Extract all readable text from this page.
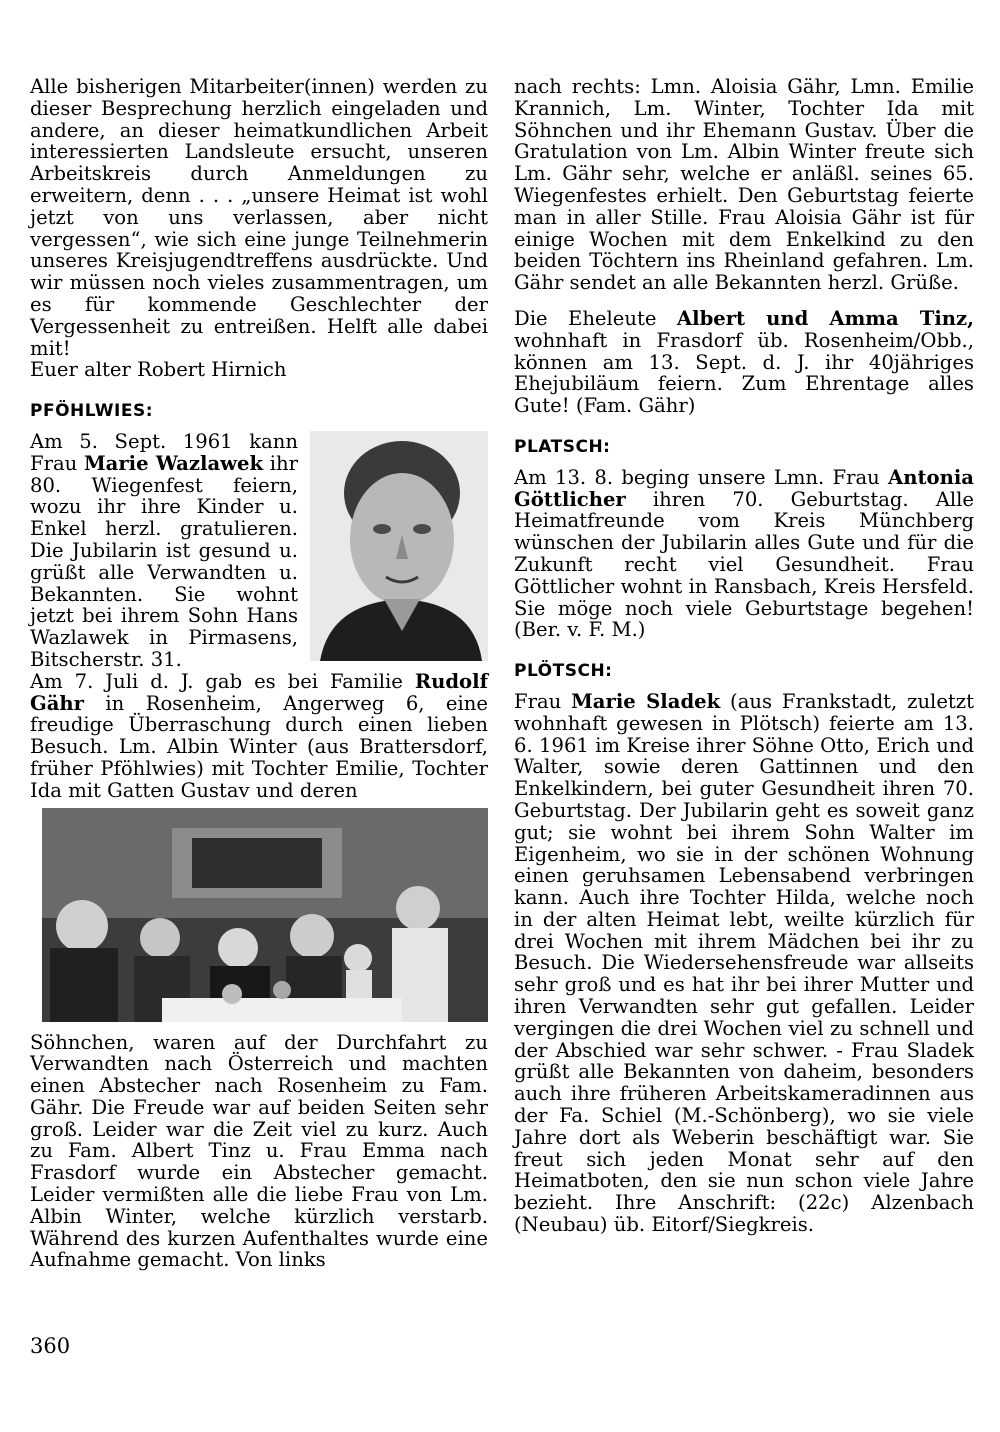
Alle bisherigen Mitarbeiter(innen) werden zu dieser Besprechung herzlich eingeladen und andere, an dieser heimatkundlichen Arbeit interessierten Landsleute ersucht, unseren Arbeitskreis durch Anmeldungen zu erweitern, denn . . . „unsere Heimat ist wohl jetzt von uns verlassen, aber nicht vergessen“, wie sich eine junge Teilnehmerin unseres Kreisjugendtreffens ausdrückte. Und wir müssen noch vieles zusammentragen, um es für kommende Geschlechter der Vergessenheit zu entreißen. Helft alle dabei mit!

Euer alter Robert Hirnich

PFÖHLWIES:

Am 5. Sept. 1961 kann Frau Marie Wazlawek ihr 80. Wiegenfest feiern, wozu ihr ihre Kinder u. Enkel herzl. gratulieren. Die Jubilarin ist gesund u. grüßt alle Verwandten u. Bekannten. Sie wohnt jetzt bei ihrem Sohn Hans Wazlawek in Pirmasens, Bitscherstr. 31.

Am 7. Juli d. J. gab es bei Familie Rudolf Gähr in Rosenheim, Angerweg 6, eine freudige Überraschung durch einen lieben Besuch. Lm. Albin Winter (aus Brattersdorf, früher Pföhlwies) mit Tochter Emilie, Tochter Ida mit Gatten Gustav und deren

Söhnchen, waren auf der Durchfahrt zu Verwandten nach Österreich und machten einen Abstecher nach Rosenheim zu Fam. Gähr. Die Freude war auf beiden Seiten sehr groß. Leider war die Zeit viel zu kurz. Auch zu Fam. Albert Tinz u. Frau Emma nach Frasdorf wurde ein Abstecher gemacht. Leider vermißten alle die liebe Frau von Lm. Albin Winter, welche kürzlich verstarb. Während des kurzen Aufenthaltes wurde eine Aufnahme gemacht. Von links

nach rechts: Lmn. Aloisia Gähr, Lmn. Emilie Krannich, Lm. Winter, Tochter Ida mit Söhnchen und ihr Ehemann Gustav. Über die Gratulation von Lm. Albin Winter freute sich Lm. Gähr sehr, welche er anläßl. seines 65. Wiegenfestes erhielt. Den Geburtstag feierte man in aller Stille. Frau Aloisia Gähr ist für einige Wochen mit dem Enkelkind zu den beiden Töchtern ins Rheinland gefahren. Lm. Gähr sendet an alle Bekannten herzl. Grüße.

Die Eheleute Albert und Amma Tinz, wohnhaft in Frasdorf üb. Rosenheim/Obb., können am 13. Sept. d. J. ihr 40jähriges Ehejubiläum feiern. Zum Ehrentage alles Gute! (Fam. Gähr)

PLATSCH:

Am 13. 8. beging unsere Lmn. Frau Antonia Göttlicher ihren 70. Geburtstag. Alle Heimatfreunde vom Kreis Münchberg wünschen der Jubilarin alles Gute und für die Zukunft recht viel Gesundheit. Frau Göttlicher wohnt in Ransbach, Kreis Hersfeld. Sie möge noch viele Geburtstage begehen! (Ber. v. F. M.)

PLÖTSCH:

Frau Marie Sladek (aus Frankstadt, zuletzt wohnhaft gewesen in Plötsch) feierte am 13. 6. 1961 im Kreise ihrer Söhne Otto, Erich und Walter, sowie deren Gattinnen und den Enkelkindern, bei guter Gesundheit ihren 70. Geburtstag. Der Jubilarin geht es soweit ganz gut; sie wohnt bei ihrem Sohn Walter im Eigenheim, wo sie in der schönen Wohnung einen geruhsamen Lebensabend verbringen kann. Auch ihre Tochter Hilda, welche noch in der alten Heimat lebt, weilte kürzlich für drei Wochen mit ihrem Mädchen bei ihr zu Besuch. Die Wiedersehensfreude war allseits sehr groß und es hat ihr bei ihrer Mutter und ihren Verwandten sehr gut gefallen. Leider vergingen die drei Wochen viel zu schnell und der Abschied war sehr schwer. - Frau Sladek grüßt alle Bekannten von daheim, besonders auch ihre früheren Arbeitskameradinnen aus der Fa. Schiel (M.-Schönberg), wo sie viele Jahre dort als Weberin beschäftigt war. Sie freut sich jeden Monat sehr auf den Heimatboten, den sie nun schon viele Jahre bezieht. Ihre Anschrift: (22c) Alzenbach (Neubau) üb. Eitorf/Siegkreis.

360
